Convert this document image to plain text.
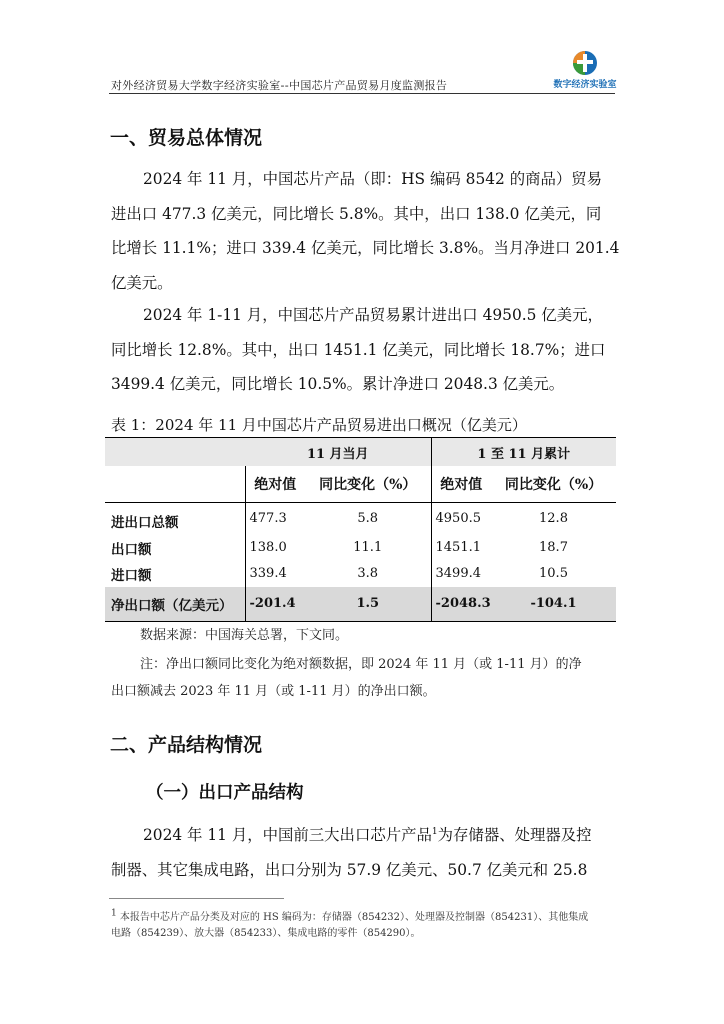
对外经济贸易大学数字经济实验室--中国芯片产品贸易月度监测报告	数字经济实验室
一、贸易总体情况
2024 年 11 月，中国芯片产品（即：HS 编码 8542 的商品）贸易
进出口 477.3 亿美元，同比增长 5.8%。其中，出口 138.0 亿美元，同
比增长 11.1%；进口 339.4 亿美元，同比增长 3.8%。当月净进口 201.4
亿美元。
2024 年 1-11 月，中国芯片产品贸易累计进出口 4950.5 亿美元，
同比增长 12.8%。其中，出口 1451.1 亿美元，同比增长 18.7%；进口
3499.4 亿美元，同比增长 10.5%。累计净进口 2048.3 亿美元。
表 1：2024 年 11 月中国芯片产品贸易进出口概况（亿美元）
	11 月当月		1 至 11 月累计	
	绝对值	同比变化（%）	绝对值	同比变化（%）
进出口总额	477.3	5.8	4950.5	12.8
出口额	138.0	11.1	1451.1	18.7
进口额	339.4	3.8	3499.4	10.5
净出口额（亿美元）	-201.4	1.5	-2048.3	-104.1
数据来源：中国海关总署，下文同。
注：净出口额同比变化为绝对额数据，即 2024 年 11 月（或 1-11 月）的净
出口额减去 2023 年 11 月（或 1-11 月）的净出口额。
二、产品结构情况
（一）出口产品结构
2024 年 11 月，中国前三大出口芯片产品$^1$为存储器、处理器及控
制器、其它集成电路，出口分别为 57.9 亿美元、50.7 亿美元和 25.8
$^1$ 本报告中芯片产品分类及对应的 HS 编码为：存储器（854232）、处理器及控制器（854231）、其他集成
电路（854239）、放大器（854233）、集成电路的零件（854290）。
